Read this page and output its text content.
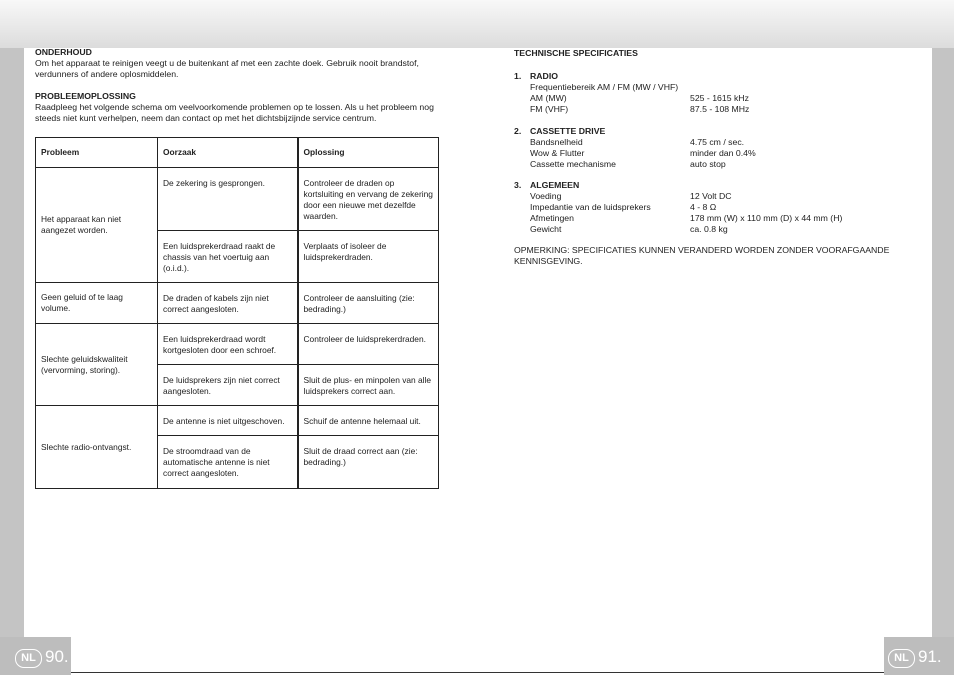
NL 90.	NL 91.
ONDERHOUD

Om het apparaat te reinigen veegt u de buitenkant af met een zachte doek. Gebruik nooit brandstof, verdunners of andere oplosmiddelen.

PROBLEEMOPLOSSING

Raadpleeg het volgende schema om veelvoorkomende problemen op te lossen. Als u het probleem nog steeds niet kunt verhelpen, neem dan contact op met het dichtsbijzijnde service centrum.

Probleem	Oorzaak	Oplossing
Het apparaat kan niet aangezet worden.	De zekering is gesprongen.	Controleer de draden op kortsluiting en vervang de zekering door een nieuwe met dezelfde waarden.
	Een luidsprekerdraad raakt de chassis van het voertuig aan (o.i.d.).	Verplaats of isoleer de luidsprekerdraden.
Geen geluid of te laag volume.	De draden of kabels zijn niet correct aangesloten.	Controleer de aansluiting (zie: bedrading.)
Slechte geluidskwaliteit (vervorming, storing).	Een luidsprekerdraad wordt kortgesloten door een schroef.	Controleer de luidsprekerdraden.
	De luidsprekers zijn niet correct aangesloten.	Sluit de plus- en minpolen van alle luidsprekers correct aan.
Slechte radio-ontvangst.	De antenne is niet uitgeschoven.	Schuif de antenne helemaal uit.
	De stroomdraad van de automatische antenne is niet correct aangesloten.	Sluit de draad correct aan (zie: bedrading.)
TECHNISCHE SPECIFICATIES
1. RADIO
Frequentiebereik AM / FM (MW / VHF)
AM (MW)	525 - 1615 kHz
FM (VHF)	87.5 - 108 MHz
2. CASSETTE DRIVE
Bandsnelheid	4.75 cm / sec.
Wow & Flutter	minder dan 0.4%
Cassette mechanisme	auto stop
3. ALGEMEEN
Voeding	12 Volt DC
Impedantie van de luidsprekers	4 - 8 Ω
Afmetingen	178 mm (W) x 110 mm (D) x 44 mm (H)
Gewicht	ca. 0.8 kg

OPMERKING: SPECIFICATIES KUNNEN VERANDERD WORDEN ZONDER VOORAFGAANDE KENNISGEVING.
